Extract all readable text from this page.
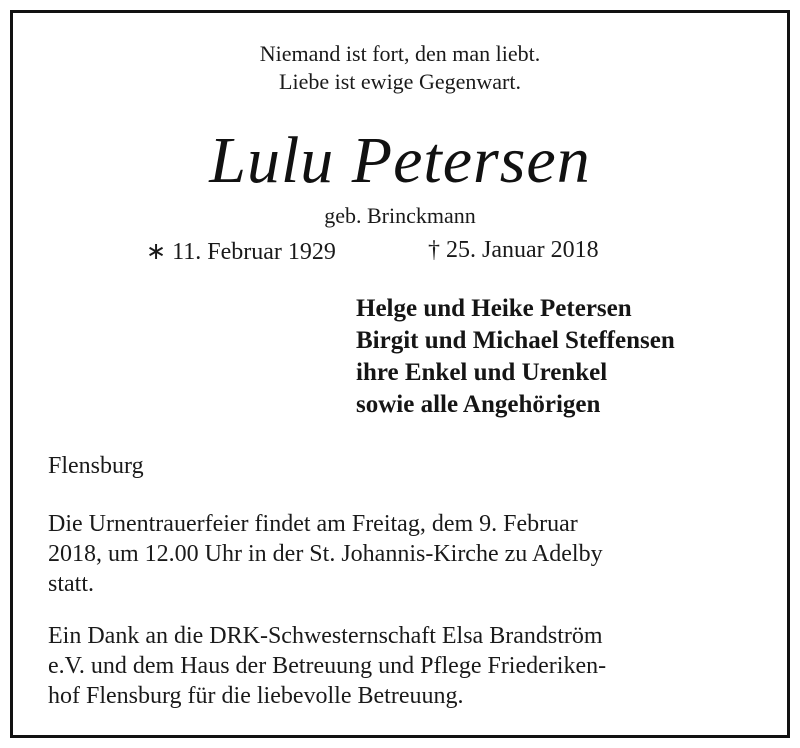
Niemand ist fort, den man liebt.
Liebe ist ewige Gegenwart.
Lulu Petersen
geb. Brinckmann
∗ 11. Februar 1929	† 25. Januar 2018
Helge und Heike Petersen
Birgit und Michael Steffensen
ihre Enkel und Urenkel
sowie alle Angehörigen
Flensburg
Die Urnentrauerfeier findet am Freitag, dem 9. Februar
2018, um 12.00 Uhr in der St. Johannis-Kirche zu Adelby
statt.
Ein Dank an die DRK-Schwesternschaft Elsa Brandström
e.V. und dem Haus der Betreuung und Pflege Friederiken-
hof Flensburg für die liebevolle Betreuung.
